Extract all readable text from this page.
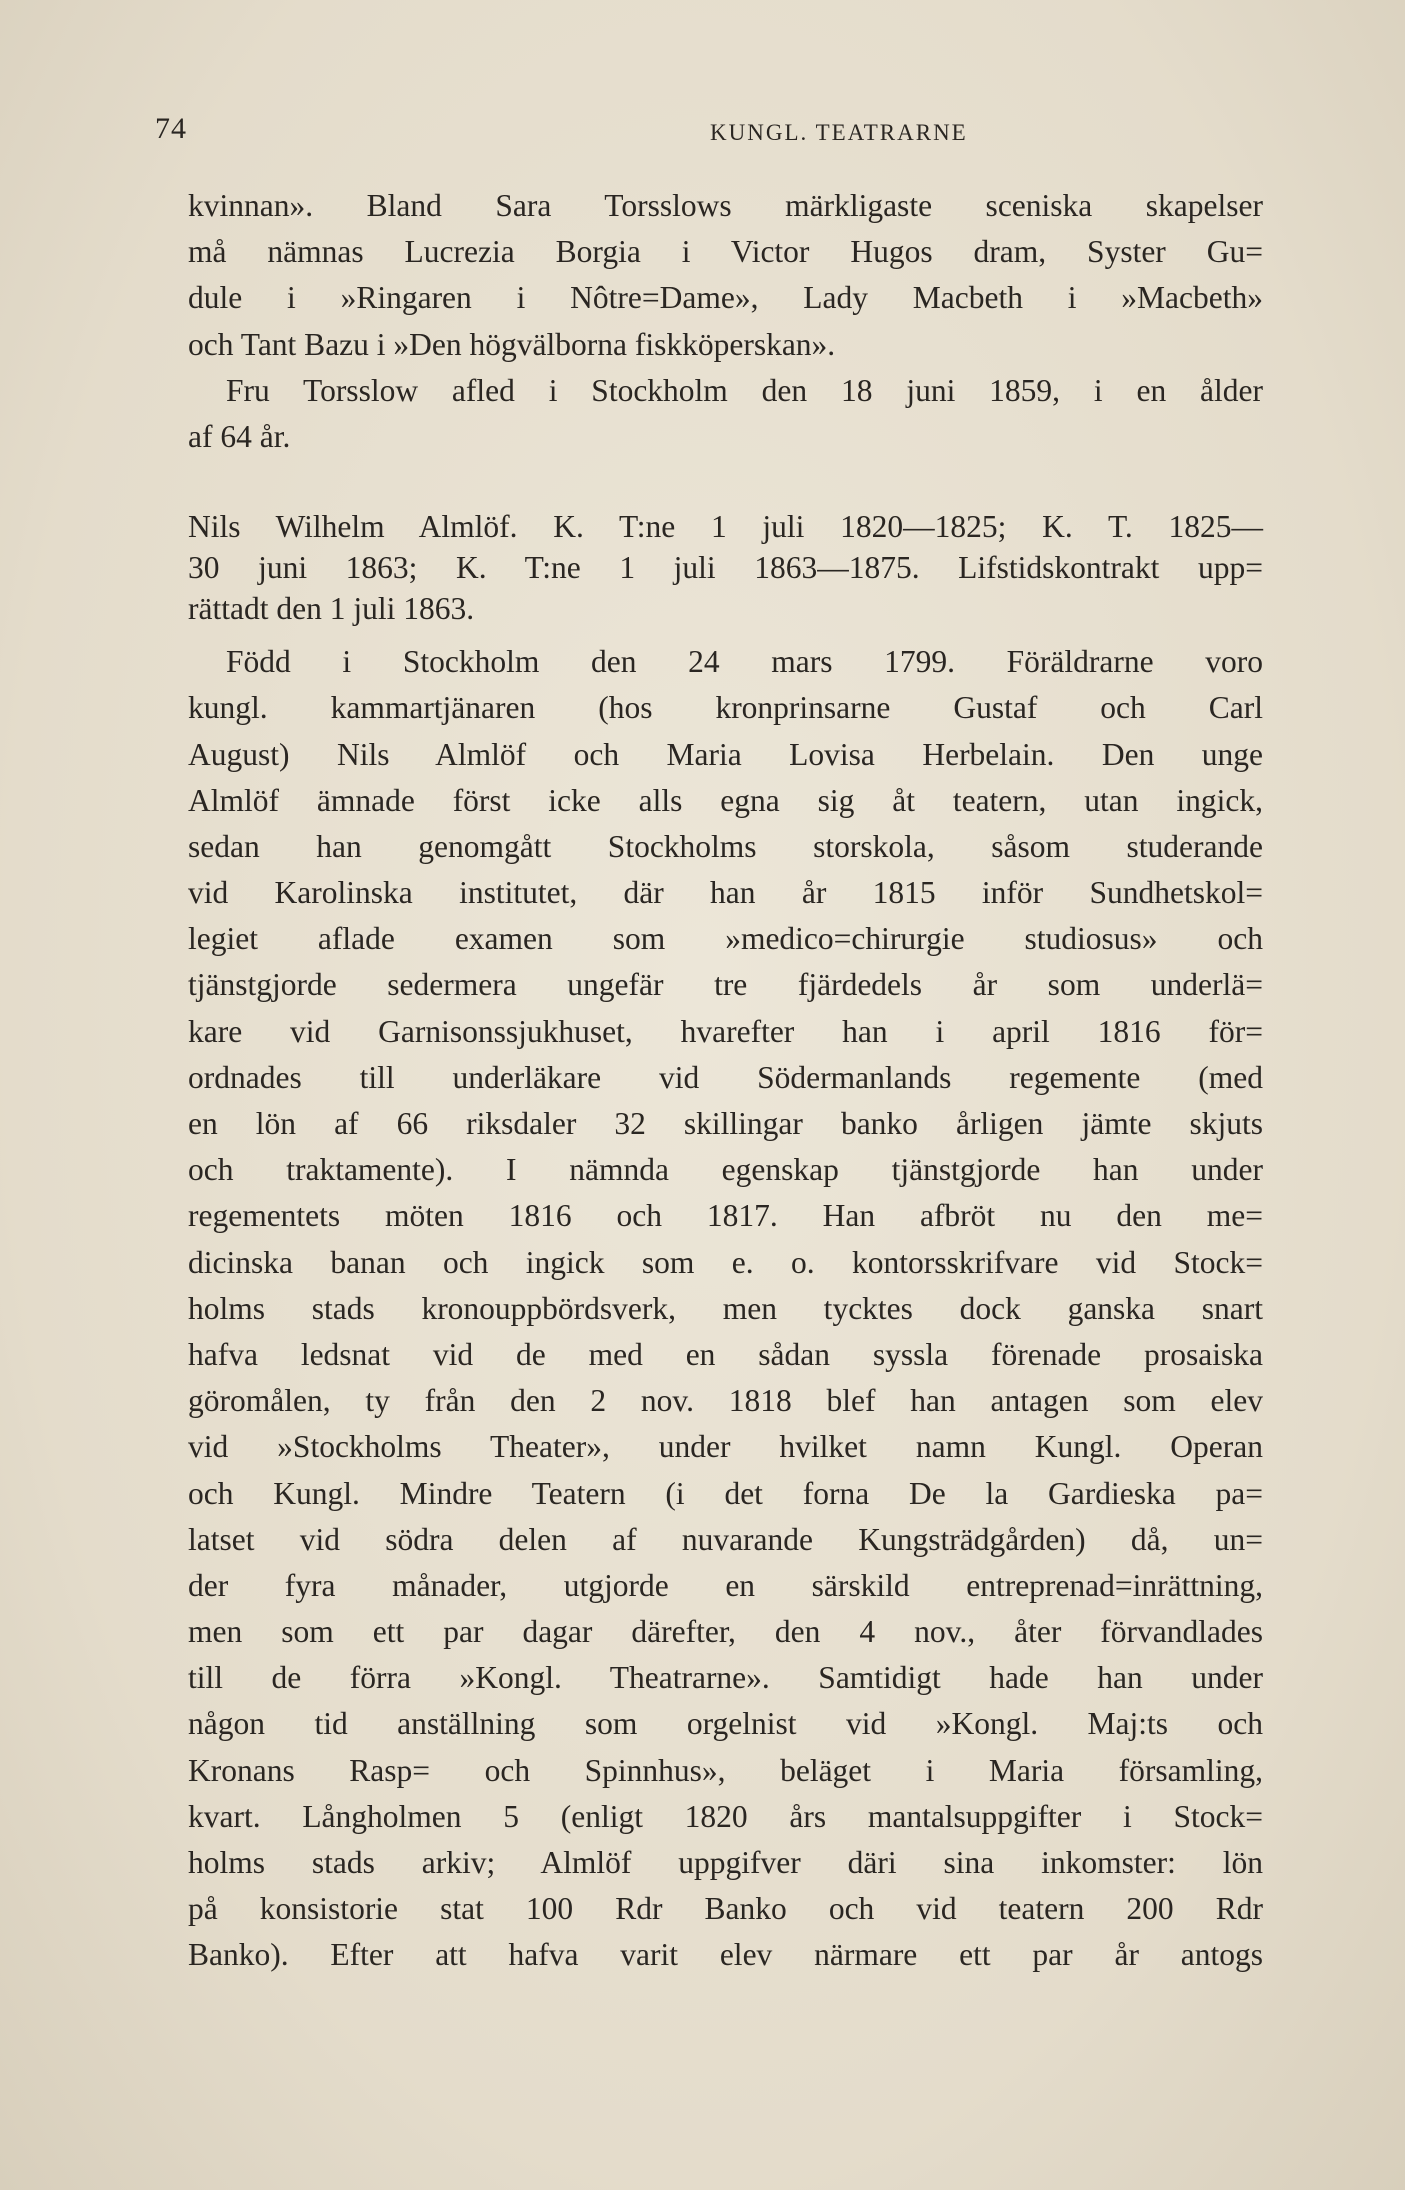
74	KUNGL. TEATRARNE
kvinnan». Bland Sara Torsslows märkligaste sceniska skapelser
må nämnas Lucrezia Borgia i Victor Hugos dram, Syster Gu=
dule i »Ringaren i Nôtre=Dame», Lady Macbeth i »Macbeth»
och Tant Bazu i »Den högvälborna fiskköperskan».
Fru Torsslow afled i Stockholm den 18 juni 1859, i en ålder
af 64 år.
Nils Wilhelm Almlöf. K. T:ne 1 juli 1820—1825; K. T. 1825—
30 juni 1863; K. T:ne 1 juli 1863—1875. Lifstidskontrakt upp=
rättadt den 1 juli 1863.
Född i Stockholm den 24 mars 1799. Föräldrarne voro
kungl. kammartjänaren (hos kronprinsarne Gustaf och Carl
August) Nils Almlöf och Maria Lovisa Herbelain. Den unge
Almlöf ämnade först icke alls egna sig åt teatern, utan ingick,
sedan han genomgått Stockholms storskola, såsom studerande
vid Karolinska institutet, där han år 1815 inför Sundhetskol=
legiet aflade examen som »medico=chirurgie studiosus» och
tjänstgjorde sedermera ungefär tre fjärdedels år som underlä=
kare vid Garnisonssjukhuset, hvarefter han i april 1816 för=
ordnades till underläkare vid Södermanlands regemente (med
en lön af 66 riksdaler 32 skillingar banko årligen jämte skjuts
och traktamente). I nämnda egenskap tjänstgjorde han under
regementets möten 1816 och 1817. Han afbröt nu den me=
dicinska banan och ingick som e. o. kontorsskrifvare vid Stock=
holms stads kronouppbördsverk, men tycktes dock ganska snart
hafva ledsnat vid de med en sådan syssla förenade prosaiska
göromålen, ty från den 2 nov. 1818 blef han antagen som elev
vid »Stockholms Theater», under hvilket namn Kungl. Operan
och Kungl. Mindre Teatern (i det forna De la Gardieska pa=
latset vid södra delen af nuvarande Kungsträdgården) då, un=
der fyra månader, utgjorde en särskild entreprenad=inrättning,
men som ett par dagar därefter, den 4 nov., åter förvandlades
till de förra »Kongl. Theatrarne». Samtidigt hade han under
någon tid anställning som orgelnist vid »Kongl. Maj:ts och
Kronans Rasp= och Spinnhus», beläget i Maria församling,
kvart. Långholmen 5 (enligt 1820 års mantalsuppgifter i Stock=
holms stads arkiv; Almlöf uppgifver däri sina inkomster: lön
på konsistorie stat 100 Rdr Banko och vid teatern 200 Rdr
Banko). Efter att hafva varit elev närmare ett par år antogs
